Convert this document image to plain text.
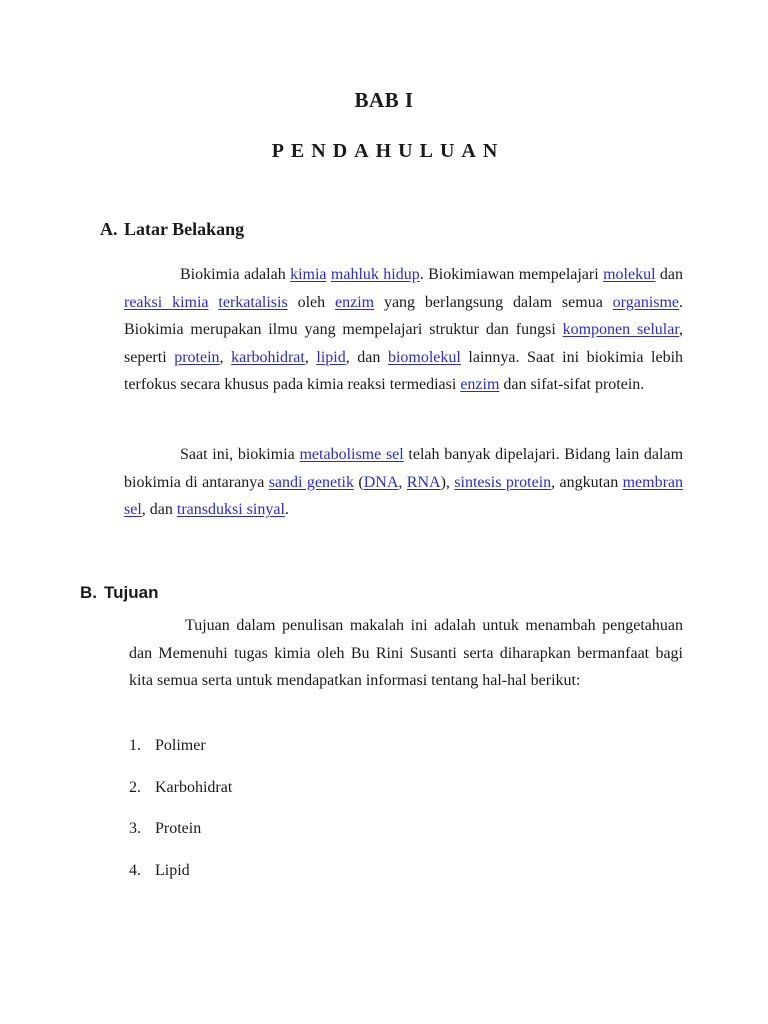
BAB I
PENDAHULUAN
A. Latar Belakang

Biokimia adalah kimia mahluk hidup. Biokimiawan mempelajari molekul dan reaksi kimia terkatalisis oleh enzim yang berlangsung dalam semua organisme. Biokimia merupakan ilmu yang mempelajari struktur dan fungsi komponen selular, seperti protein, karbohidrat, lipid, dan biomolekul lainnya. Saat ini biokimia lebih terfokus secara khusus pada kimia reaksi termediasi enzim dan sifat-sifat protein.

Saat ini, biokimia metabolisme sel telah banyak dipelajari. Bidang lain dalam biokimia di antaranya sandi genetik (DNA, RNA), sintesis protein, angkutan membran sel, dan transduksi sinyal.

B. Tujuan

Tujuan dalam penulisan makalah ini adalah untuk menambah pengetahuan dan Memenuhi tugas kimia oleh Bu Rini Susanti serta diharapkan bermanfaat bagi kita semua serta untuk mendapatkan informasi tentang hal-hal berikut:

1. Polimer
2. Karbohidrat
3. Protein
4. Lipid
